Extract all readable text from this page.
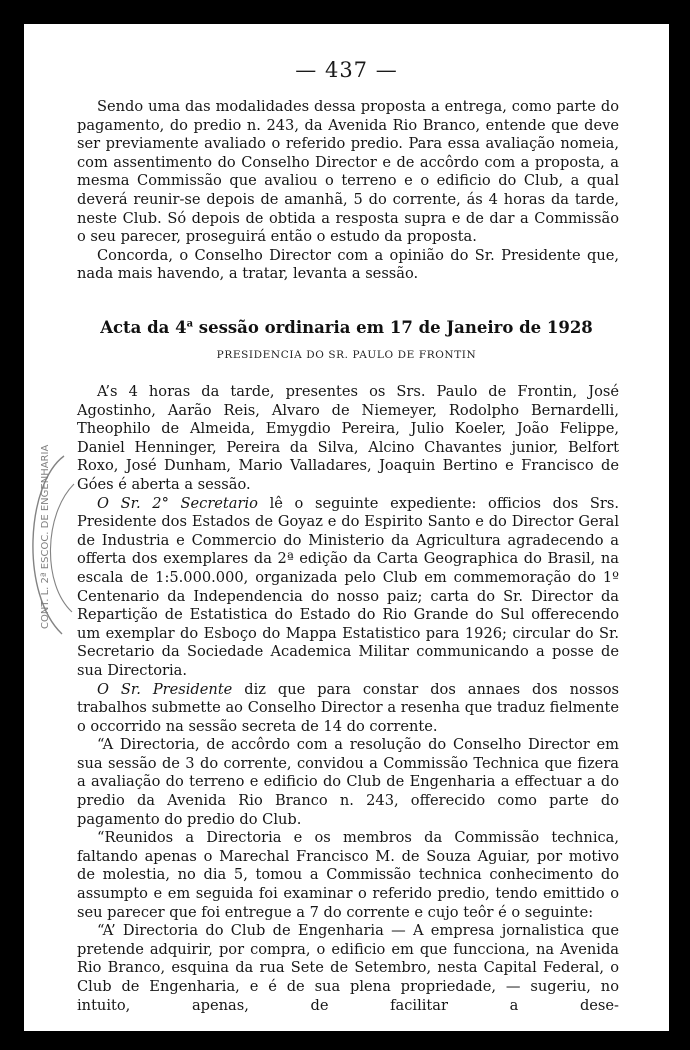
— 437 —

Sendo uma das modalidades dessa proposta a entrega, como parte do pagamento, do predio n. 243, da Avenida Rio Branco, entende que deve ser previamente avaliado o referido predio. Para essa avaliação nomeia, com assentimento do Conselho Director e de accôrdo com a proposta, a mesma Commissão que avaliou o terreno e o edificio do Club, a qual deverá reunir-se depois de amanhã, 5 do corrente, ás 4 horas da tarde, neste Club. Só depois de obtida a resposta supra e de dar a Commissão o seu parecer, proseguirá então o estudo da proposta.

Concorda, o Conselho Director com a opinião do Sr. Presidente que, nada mais havendo, a tratar, levanta a sessão.

Acta da 4$^a$ sessão ordinaria em 17 de Janeiro de 1928
PRESIDENCIA DO SR. PAULO DE FRONTIN

A’s 4 horas da tarde, presentes os Srs. Paulo de Frontin, José Agostinho, Aarão Reis, Alvaro de Niemeyer, Rodolpho Bernardelli, Theophilo de Almeida, Emygdio Pereira, Julio Koeler, João Felippe, Daniel Henninger, Pereira da Silva, Alcino Chavantes junior, Belfort Roxo, José Dunham, Mario Valladares, Joaquin Bertino e Francisco de Góes é aberta a sessão.

O Sr. 2° Secretario lê o seguinte expediente: officios dos Srs. Presidente dos Estados de Goyaz e do Espirito Santo e do Director Geral de Industria e Commercio do Ministerio da Agricultura agradecendo a offerta dos exemplares da 2ª edição da Carta Geographica do Brasil, na escala de 1:5.000.000, organizada pelo Club em commemoração do 1º Centenario da Independencia do nosso paiz; carta do Sr. Director da Repartição de Estatistica do Estado do Rio Grande do Sul offerecendo um exemplar do Esboço do Mappa Estatistico para 1926; circular do Sr. Secretario da Sociedade Academica Militar communicando a posse de sua Directoria.

O Sr. Presidente diz que para constar dos annaes dos nossos trabalhos submette ao Conselho Director a resenha que traduz fielmente o occorrido na sessão secreta de 14 do corrente.

“A Directoria, de accôrdo com a resolução do Conselho Director em sua sessão de 3 do corrente, convidou a Commissão Technica que fizera a avaliação do terreno e edificio do Club de Engenharia a effectuar a do predio da Avenida Rio Branco n. 243, offerecido como parte do pagamento do predio do Club.

“Reunidos a Directoria e os membros da Commissão technica, faltando apenas o Marechal Francisco M. de Souza Aguiar, por motivo de molestia, no dia 5, tomou a Commissão technica conhecimento do assumpto e em seguida foi examinar o referido predio, tendo emittido o seu parecer que foi entregue a 7 do corrente e cujo teôr é o seguinte:

“A’ Directoria do Club de Engenharia — A empresa jornalistica que pretende adquirir, por compra, o edificio em que funcciona, na Avenida Rio Branco, esquina da rua Sete de Setembro, nesta Capital Federal, o Club de Engenharia, e é de sua plena propriedade, — sugeriu, no intuito, apenas, de facilitar a dese-

CONT. L. 2ª ESCOC. DE ENGENHARIA
